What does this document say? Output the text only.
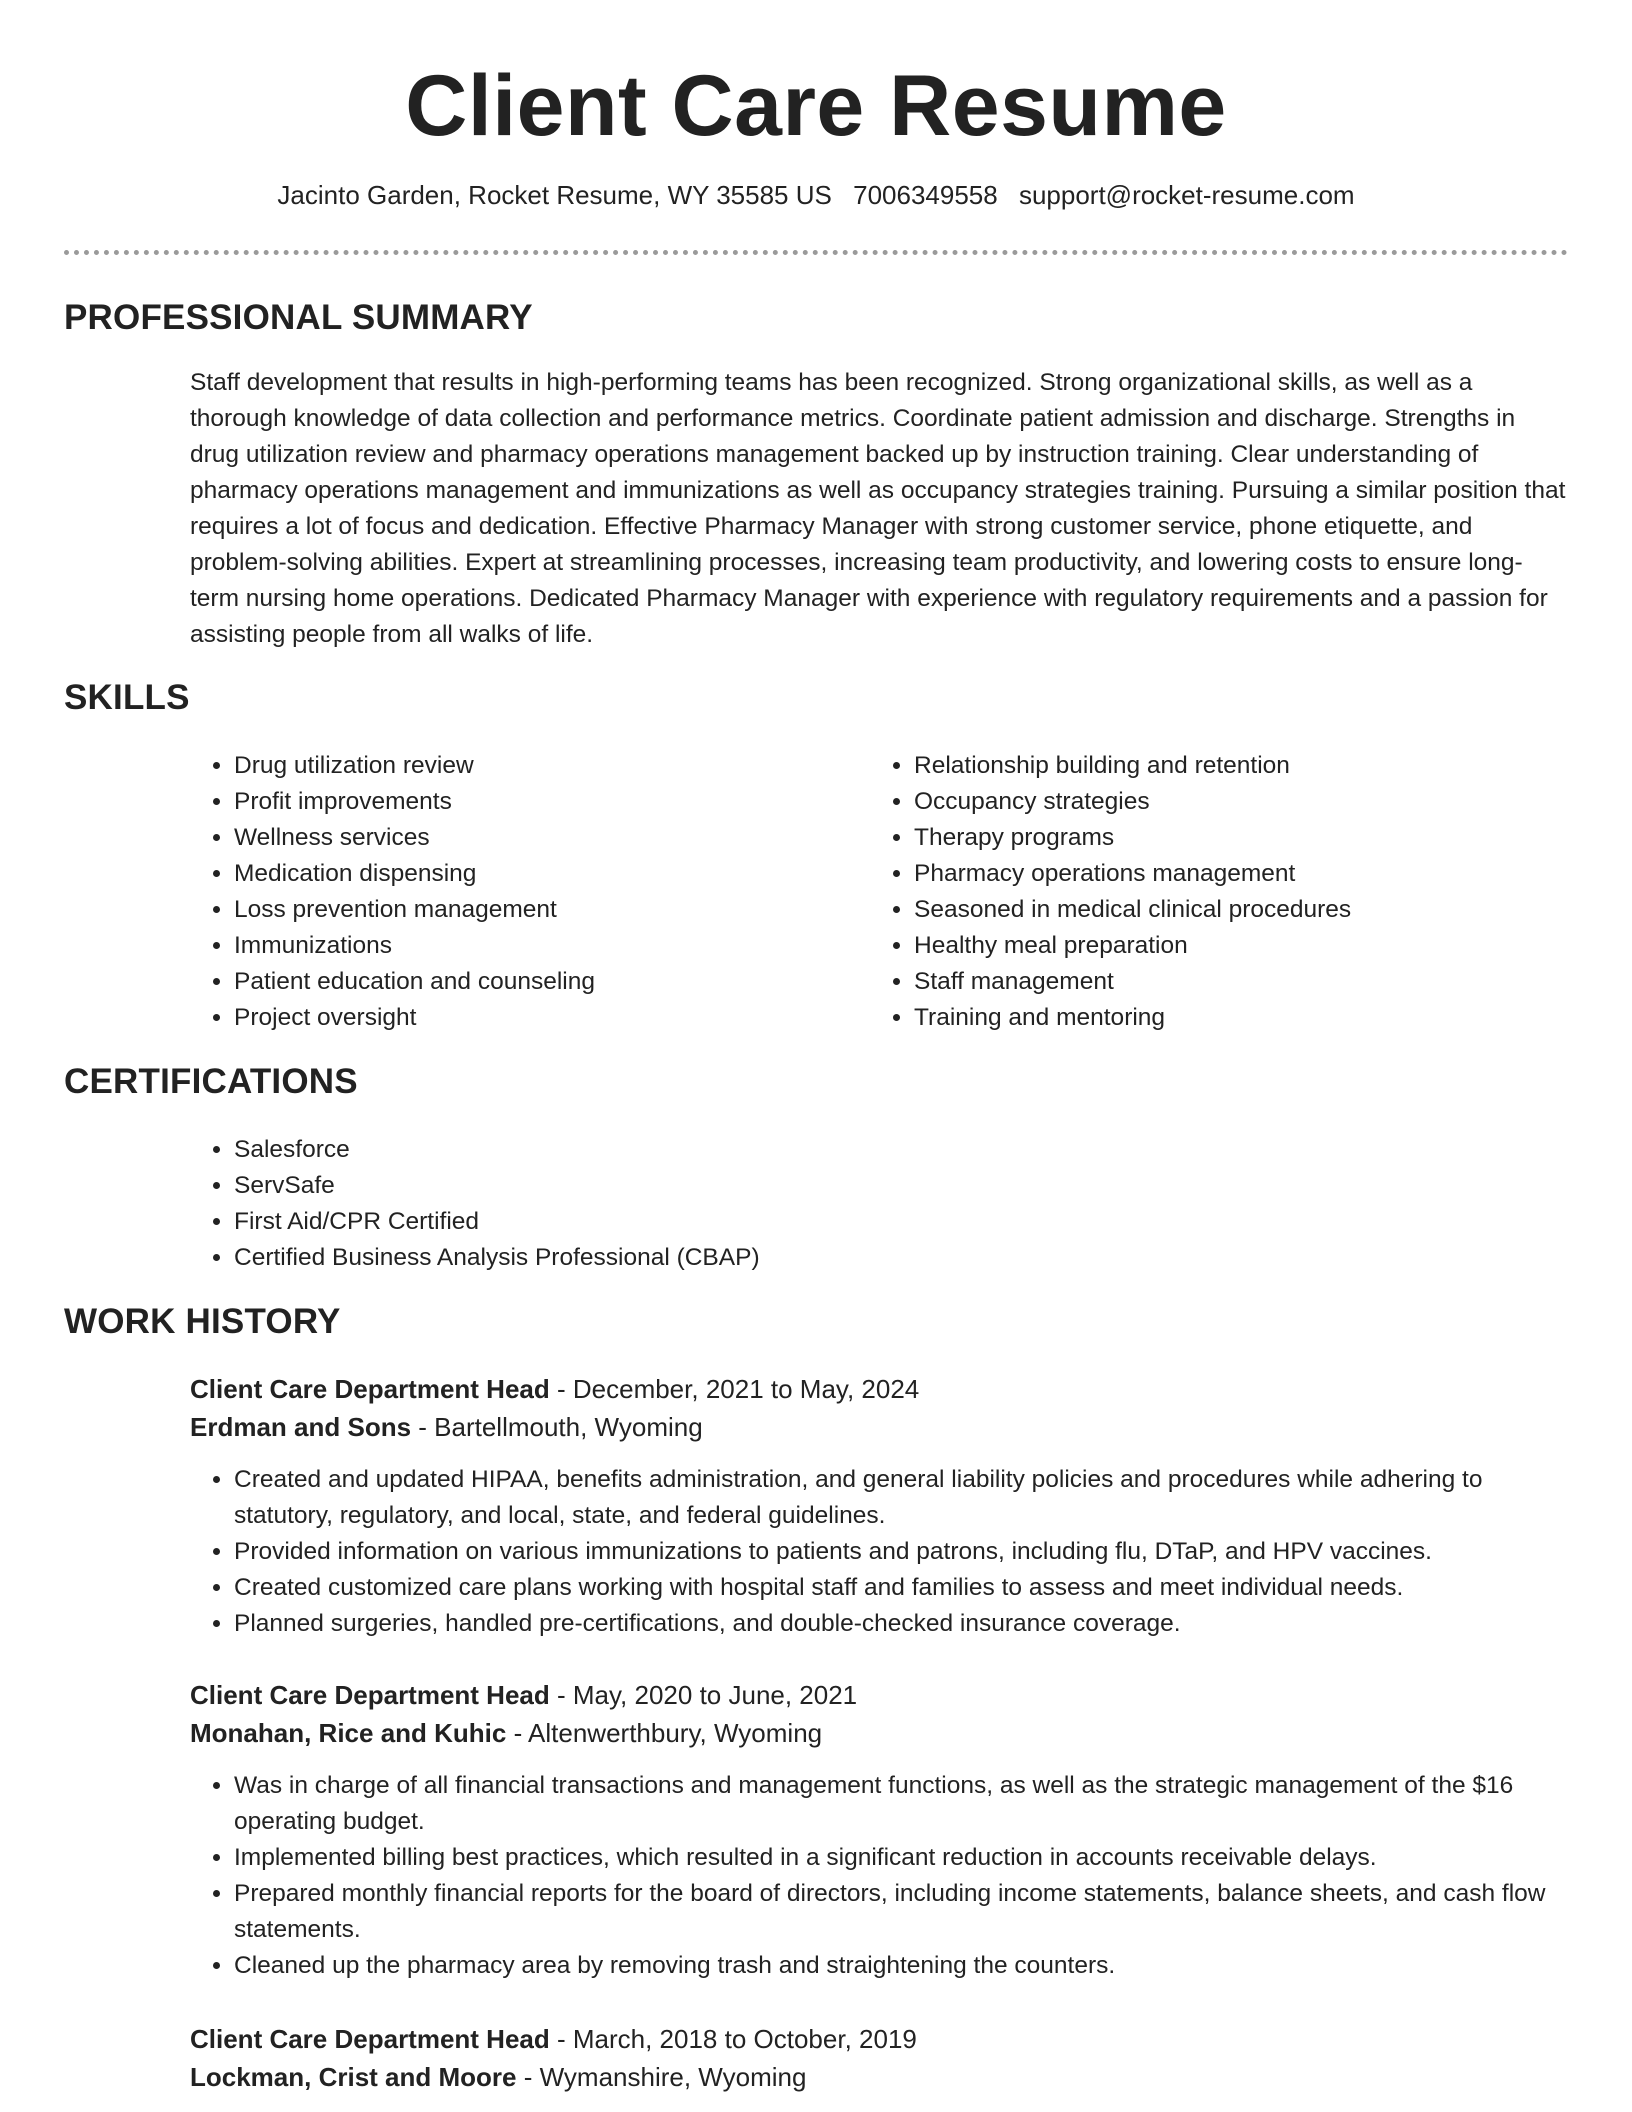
Client Care Resume
Jacinto Garden, Rocket Resume, WY 35585 US 7006349558 support@rocket-resume.com
PROFESSIONAL SUMMARY
Staff development that results in high-performing teams has been recognized. Strong organizational skills, as well as a thorough knowledge of data collection and performance metrics. Coordinate patient admission and discharge. Strengths in drug utilization review and pharmacy operations management backed up by instruction training. Clear understanding of pharmacy operations management and immunizations as well as occupancy strategies training. Pursuing a similar position that requires a lot of focus and dedication. Effective Pharmacy Manager with strong customer service, phone etiquette, and problem-solving abilities. Expert at streamlining processes, increasing team productivity, and lowering costs to ensure long-term nursing home operations. Dedicated Pharmacy Manager with experience with regulatory requirements and a passion for assisting people from all walks of life.
SKILLS
• Drug utilization review
• Profit improvements
• Wellness services
• Medication dispensing
• Loss prevention management
• Immunizations
• Patient education and counseling
• Project oversight
• Relationship building and retention
• Occupancy strategies
• Therapy programs
• Pharmacy operations management
• Seasoned in medical clinical procedures
• Healthy meal preparation
• Staff management
• Training and mentoring
CERTIFICATIONS
• Salesforce
• ServSafe
• First Aid/CPR Certified
• Certified Business Analysis Professional (CBAP)
WORK HISTORY
Client Care Department Head - December, 2021 to May, 2024
Erdman and Sons - Bartellmouth, Wyoming
• Created and updated HIPAA, benefits administration, and general liability policies and procedures while adhering to statutory, regulatory, and local, state, and federal guidelines.
• Provided information on various immunizations to patients and patrons, including flu, DTaP, and HPV vaccines.
• Created customized care plans working with hospital staff and families to assess and meet individual needs.
• Planned surgeries, handled pre-certifications, and double-checked insurance coverage.
Client Care Department Head - May, 2020 to June, 2021
Monahan, Rice and Kuhic - Altenwerthbury, Wyoming
• Was in charge of all financial transactions and management functions, as well as the strategic management of the $16 operating budget.
• Implemented billing best practices, which resulted in a significant reduction in accounts receivable delays.
• Prepared monthly financial reports for the board of directors, including income statements, balance sheets, and cash flow statements.
• Cleaned up the pharmacy area by removing trash and straightening the counters.
Client Care Department Head - March, 2018 to October, 2019
Lockman, Crist and Moore - Wymanshire, Wyoming
